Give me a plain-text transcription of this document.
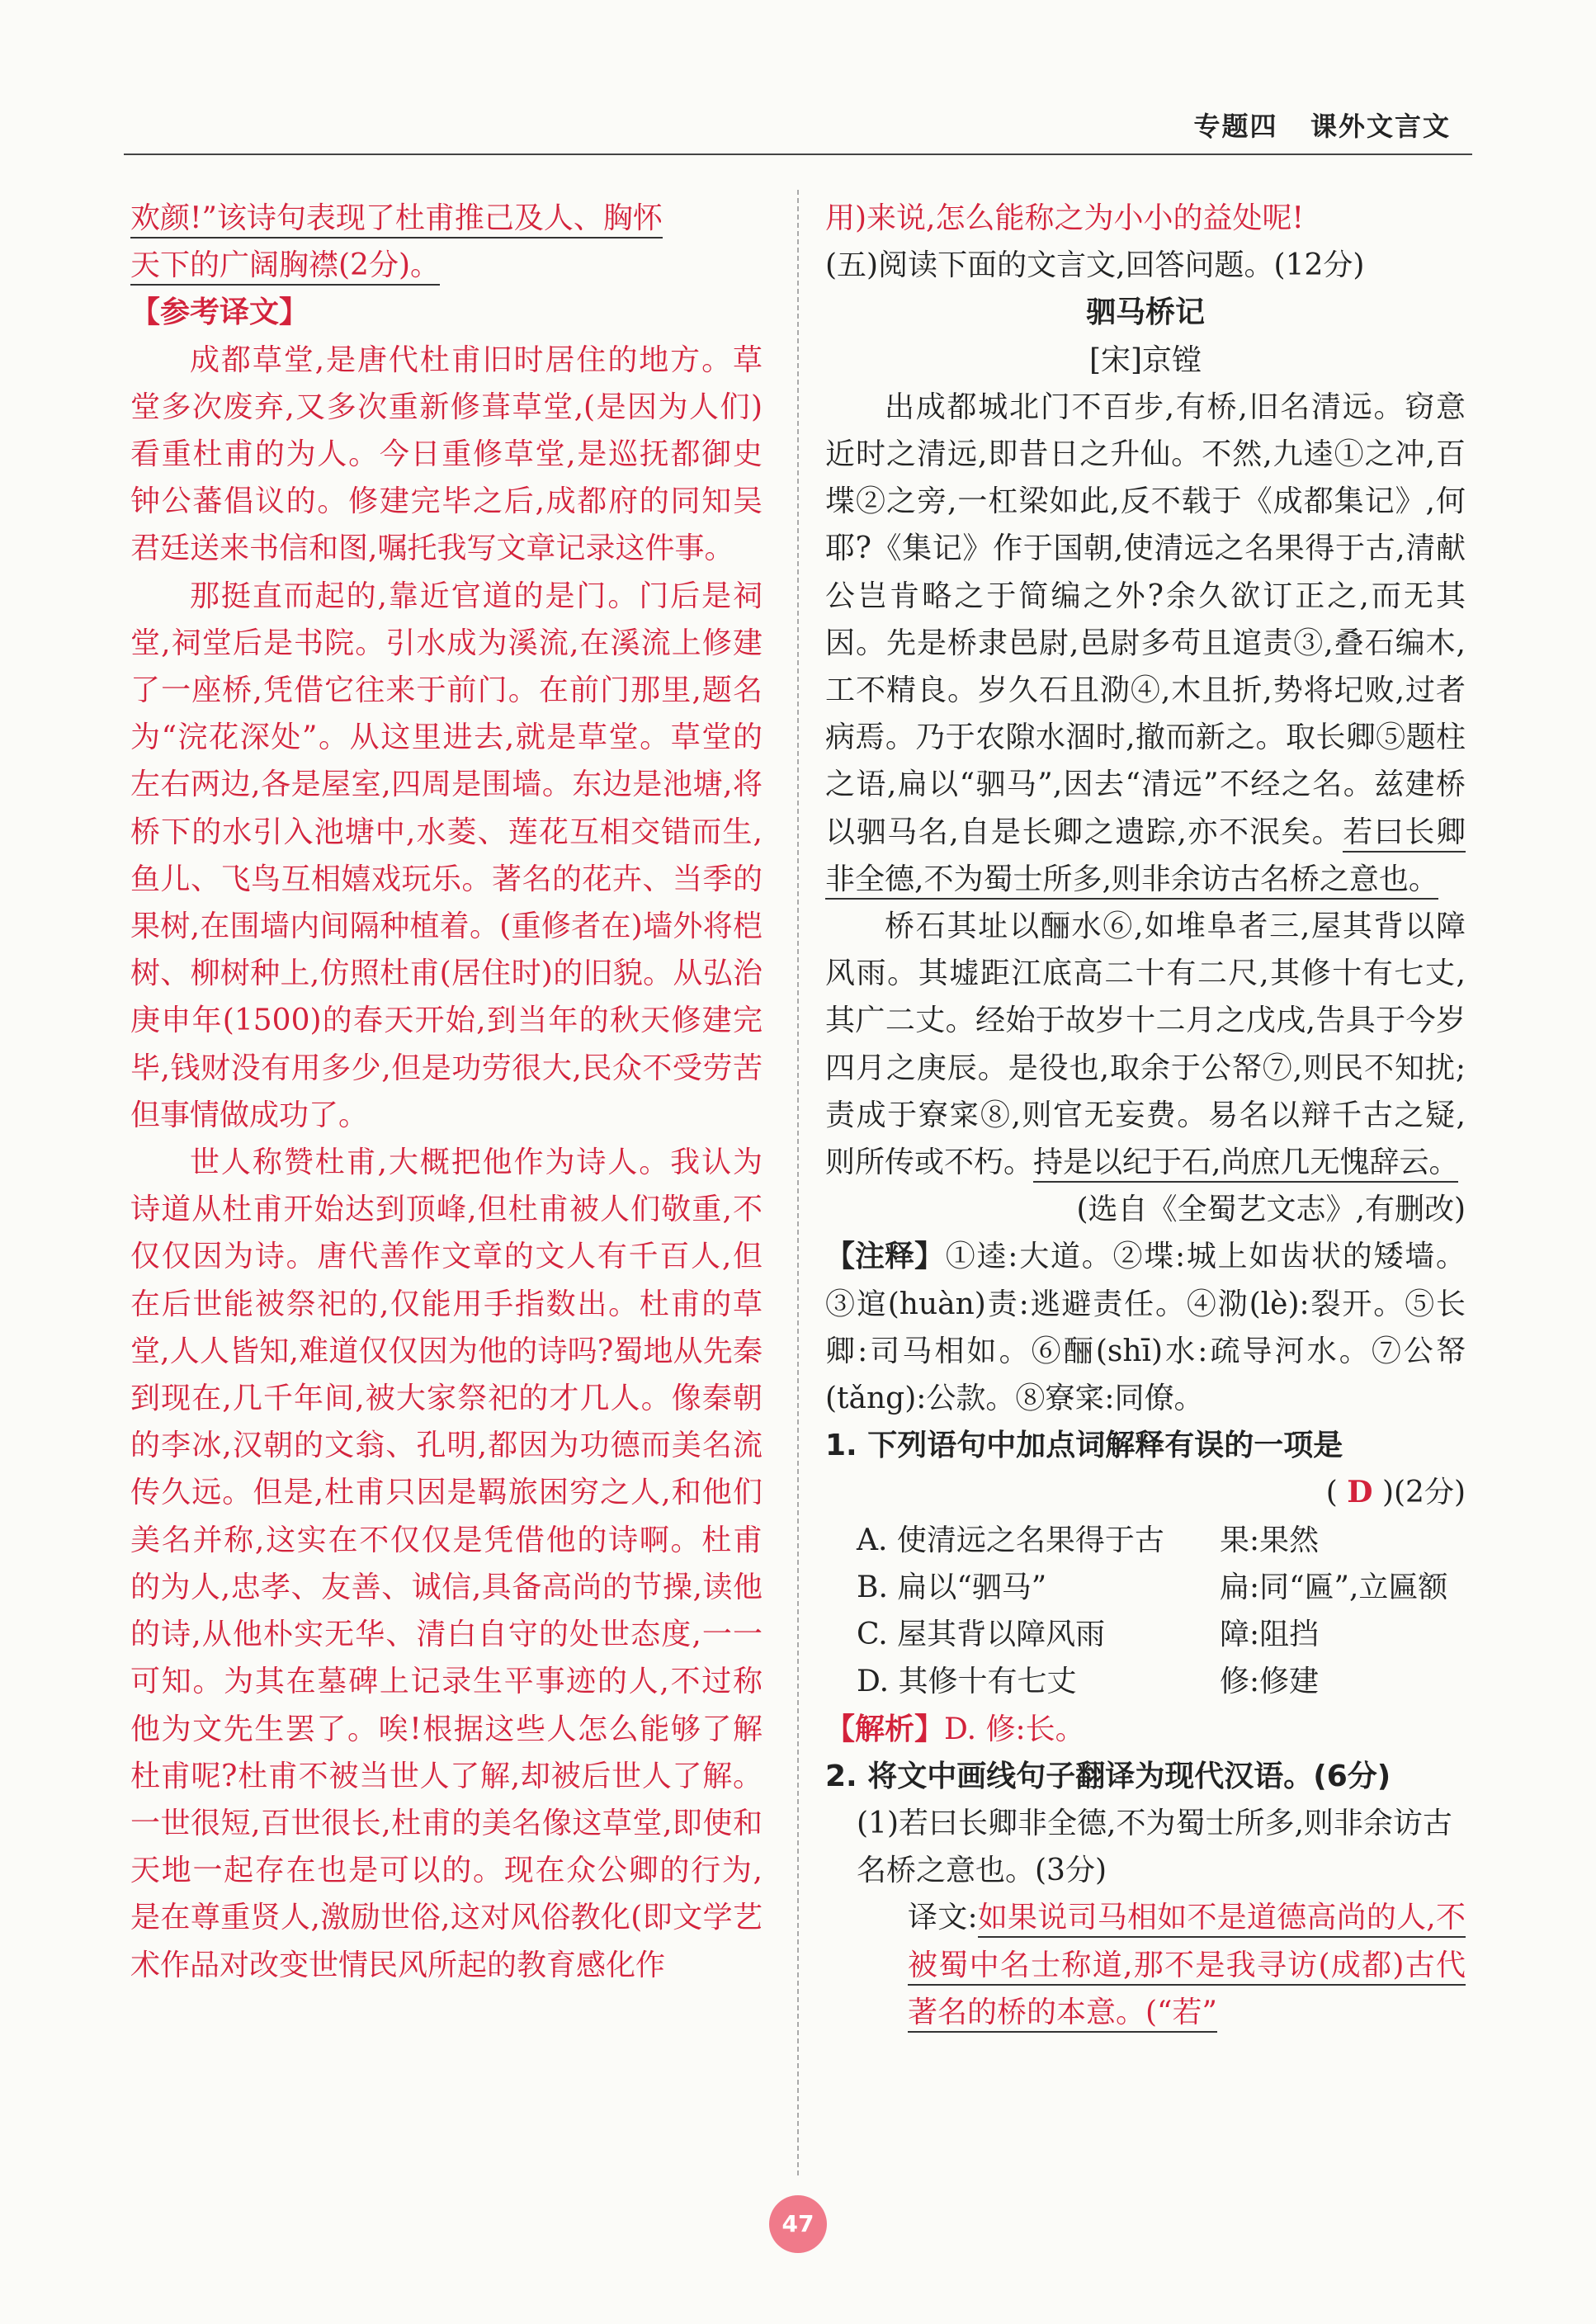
专题四 课外文言文

欢颜!”该诗句表现了杜甫推己及人、胸怀
天下的广阔胸襟(2分)。

【参考译文】

成都草堂,是唐代杜甫旧时居住的地方。草堂多次废弃,又多次重新修葺草堂,(是因为人们)看重杜甫的为人。今日重修草堂,是巡抚都御史钟公蕃倡议的。修建完毕之后,成都府的同知吴君廷送来书信和图,嘱托我写文章记录这件事。

那挺直而起的,靠近官道的是门。门后是祠堂,祠堂后是书院。引水成为溪流,在溪流上修建了一座桥,凭借它往来于前门。在前门那里,题名为“浣花深处”。从这里进去,就是草堂。草堂的左右两边,各是屋室,四周是围墙。东边是池塘,将桥下的水引入池塘中,水菱、莲花互相交错而生,鱼儿、飞鸟互相嬉戏玩乐。著名的花卉、当季的果树,在围墙内间隔种植着。(重修者在)墙外将桤树、柳树种上,仿照杜甫(居住时)的旧貌。从弘治庚申年(1500)的春天开始,到当年的秋天修建完毕,钱财没有用多少,但是功劳很大,民众不受劳苦但事情做成功了。

世人称赞杜甫,大概把他作为诗人。我认为诗道从杜甫开始达到顶峰,但杜甫被人们敬重,不仅仅因为诗。唐代善作文章的文人有千百人,但在后世能被祭祀的,仅能用手指数出。杜甫的草堂,人人皆知,难道仅仅因为他的诗吗?蜀地从先秦到现在,几千年间,被大家祭祀的才几人。像秦朝的李冰,汉朝的文翁、孔明,都因为功德而美名流传久远。但是,杜甫只因是羁旅困穷之人,和他们美名并称,这实在不仅仅是凭借他的诗啊。杜甫的为人,忠孝、友善、诚信,具备高尚的节操,读他的诗,从他朴实无华、清白自守的处世态度,一一可知。为其在墓碑上记录生平事迹的人,不过称他为文先生罢了。唉!根据这些人怎么能够了解杜甫呢?杜甫不被当世人了解,却被后世人了解。一世很短,百世很长,杜甫的美名像这草堂,即使和天地一起存在也是可以的。现在众公卿的行为,是在尊重贤人,激励世俗,这对风俗教化(即文学艺术作品对改变世情民风所起的教育感化作

用)来说,怎么能称之为小小的益处呢!

(五)阅读下面的文言文,回答问题。(12分)

驷马桥记

[宋]京镗

出成都城北门不百步,有桥,旧名清远。窃意近时之清远,即昔日之升仙。不然,九逵①之冲,百堞②之旁,一杠梁如此,反不载于《成都集记》,何耶?《集记》作于国朝,使清远之名果得于古,清献公岂肯略之于简编之外?余久欲订正之,而无其因。先是桥隶邑尉,邑尉多苟且逭责③,叠石编木,工不精良。岁久石且泐④,木且折,势将圮败,过者病焉。乃于农隙水涸时,撤而新之。取长卿⑤题柱之语,扁以“驷马”,因去“清远”不经之名。兹建桥以驷马名,自是长卿之遗踪,亦不泯矣。若曰长卿非全德,不为蜀士所多,则非余访古名桥之意也。

桥石其址以酾水⑥,如堆阜者三,屋其背以障风雨。其墟距江底高二十有二尺,其修十有七丈,其广二丈。经始于故岁十二月之戊戌,告具于今岁四月之庚辰。是役也,取余于公帑⑦,则民不知扰;责成于寮寀⑧,则官无妄费。易名以辩千古之疑,则所传或不朽。持是以纪于石,尚庶几无愧辞云。

(选自《全蜀艺文志》,有删改)

【注释】①逵:大道。②堞:城上如齿状的矮墙。③逭(huàn)责:逃避责任。④泐(lè):裂开。⑤长卿:司马相如。⑥酾(shī)水:疏导河水。⑦公帑(tǎng):公款。⑧寮寀:同僚。

1. 下列语句中加点词解释有误的一项是

( D )(2分)

A. 使清远之名果得于古	果:果然
B. 扁以“驷马”	扁:同“匾”,立匾额
C. 屋其背以障风雨	障:阻挡
D. 其修十有七丈	修:修建

【解析】D. 修:长。

2. 将文中画线句子翻译为现代汉语。(6分)

(1)若曰长卿非全德,不为蜀士所多,则非余访古名桥之意也。(3分)

译文:如果说司马相如不是道德高尚的人,不被蜀中名士称道,那不是我寻访(成都)古代著名的桥的本意。(“若”

47
